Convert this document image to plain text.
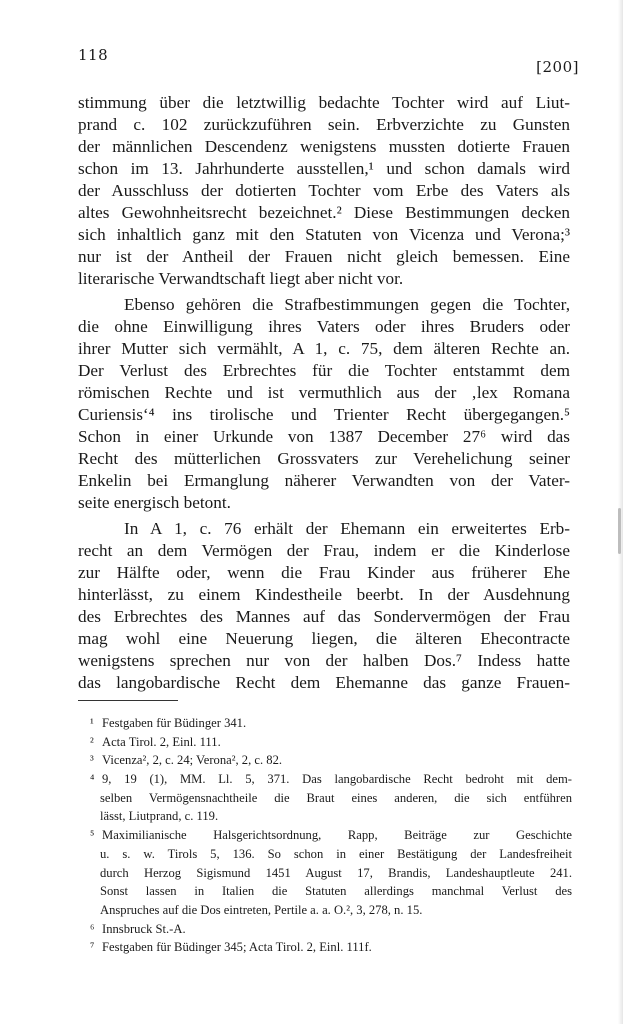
118
[200]
stimmung über die letztwillig bedachte Tochter wird auf Liut-
prand c. 102 zurückzuführen sein. Erbverzichte zu Gunsten
der männlichen Descendenz wenigstens mussten dotierte Frauen
schon im 13. Jahrhunderte ausstellen,¹ und schon damals wird
der Ausschluss der dotierten Tochter vom Erbe des Vaters als
altes Gewohnheitsrecht bezeichnet.² Diese Bestimmungen decken
sich inhaltlich ganz mit den Statuten von Vicenza und Verona;³
nur ist der Antheil der Frauen nicht gleich bemessen. Eine
literarische Verwandtschaft liegt aber nicht vor.
Ebenso gehören die Strafbestimmungen gegen die Tochter,
die ohne Einwilligung ihres Vaters oder ihres Bruders oder
ihrer Mutter sich vermählt, A 1, c. 75, dem älteren Rechte an.
Der Verlust des Erbrechtes für die Tochter entstammt dem
römischen Rechte und ist vermuthlich aus der ‚lex Romana
Curiensis‘⁴ ins tirolische und Trienter Recht übergegangen.⁵
Schon in einer Urkunde von 1387 December 27⁶ wird das
Recht des mütterlichen Grossvaters zur Verehelichung seiner
Enkelin bei Ermanglung näherer Verwandten von der Vater-
seite energisch betont.
In A 1, c. 76 erhält der Ehemann ein erweitertes Erb-
recht an dem Vermögen der Frau, indem er die Kinderlose
zur Hälfte oder, wenn die Frau Kinder aus früherer Ehe
hinterlässt, zu einem Kindestheile beerbt. In der Ausdehnung
des Erbrechtes des Mannes auf das Sondervermögen der Frau
mag wohl eine Neuerung liegen, die älteren Ehecontracte
wenigstens sprechen nur von der halben Dos.⁷ Indess hatte
das langobardische Recht dem Ehemanne das ganze Frauen-
¹ Festgaben für Büdinger 341.
² Acta Tirol. 2, Einl. 111.
³ Vicenza², 2, c. 24; Verona², 2, c. 82.
⁴ 9, 19 (1), MM. Ll. 5, 371. Das langobardische Recht bedroht mit dem-
selben Vermögensnachtheile die Braut eines anderen, die sich entführen
lässt, Liutprand, c. 119.
⁵ Maximilianische Halsgerichtsordnung, Rapp, Beiträge zur Geschichte
u. s. w. Tirols 5, 136. So schon in einer Bestätigung der Landesfreiheit
durch Herzog Sigismund 1451 August 17, Brandis, Landeshauptleute 241.
Sonst lassen in Italien die Statuten allerdings manchmal Verlust des
Anspruches auf die Dos eintreten, Pertile a. a. O.², 3, 278, n. 15.
⁶ Innsbruck St.-A.
⁷ Festgaben für Büdinger 345; Acta Tirol. 2, Einl. 111f.
